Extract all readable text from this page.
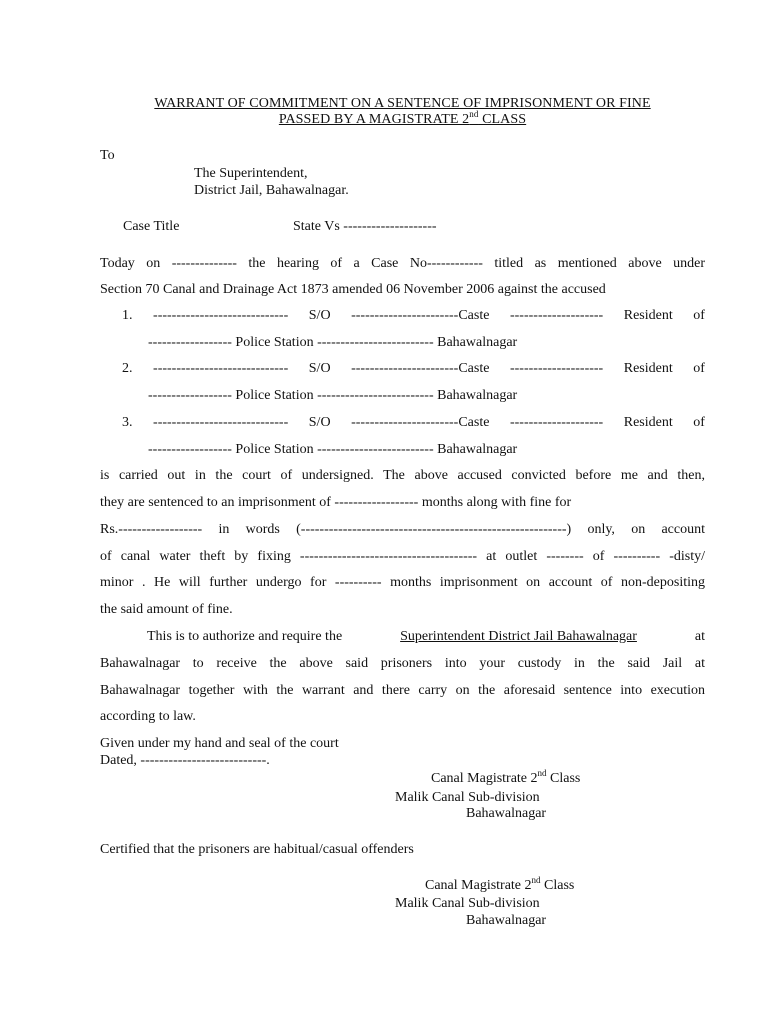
WARRANT OF COMMITMENT ON A SENTENCE OF IMPRISONMENT OR FINE
PASSED BY A MAGISTRATE 2nd CLASS
To
The Superintendent,
District Jail, Bahawalnagar.
Case Title	State Vs --------------------
Today on -------------- the hearing of a Case No------------ titled as mentioned above under
Section 70 Canal and Drainage Act 1873 amended 06 November 2006 against the accused
1. ----------------------------- S/O -----------------------Caste -------------------- Resident of
------------------ Police Station ------------------------- Bahawalnagar
2. ----------------------------- S/O -----------------------Caste -------------------- Resident of
------------------ Police Station ------------------------- Bahawalnagar
3. ----------------------------- S/O -----------------------Caste -------------------- Resident of
------------------ Police Station ------------------------- Bahawalnagar
is carried out in the court of undersigned. The above accused convicted before me and then,
they are sentenced to an imprisonment of ------------------ months along with fine for
Rs.------------------ in words (---------------------------------------------------------) only, on account
of canal water theft by fixing -------------------------------------- at outlet -------- of ---------- -disty/
minor . He will further undergo for ---------- months imprisonment on account of non-depositing
the said amount of fine.
This is to authorize and require the	Superintendent District Jail Bahawalnagar	at
Bahawalnagar to receive the above said prisoners into your custody in the said Jail at
Bahawalnagar together with the warrant and there carry on the aforesaid sentence into execution
according to law.
Given under my hand and seal of the court
Dated, ---------------------------.
Canal Magistrate 2nd Class
Malik Canal Sub-division
Bahawalnagar
Certified that the prisoners are habitual/casual offenders
Canal Magistrate 2nd Class
Malik Canal Sub-division
Bahawalnagar
